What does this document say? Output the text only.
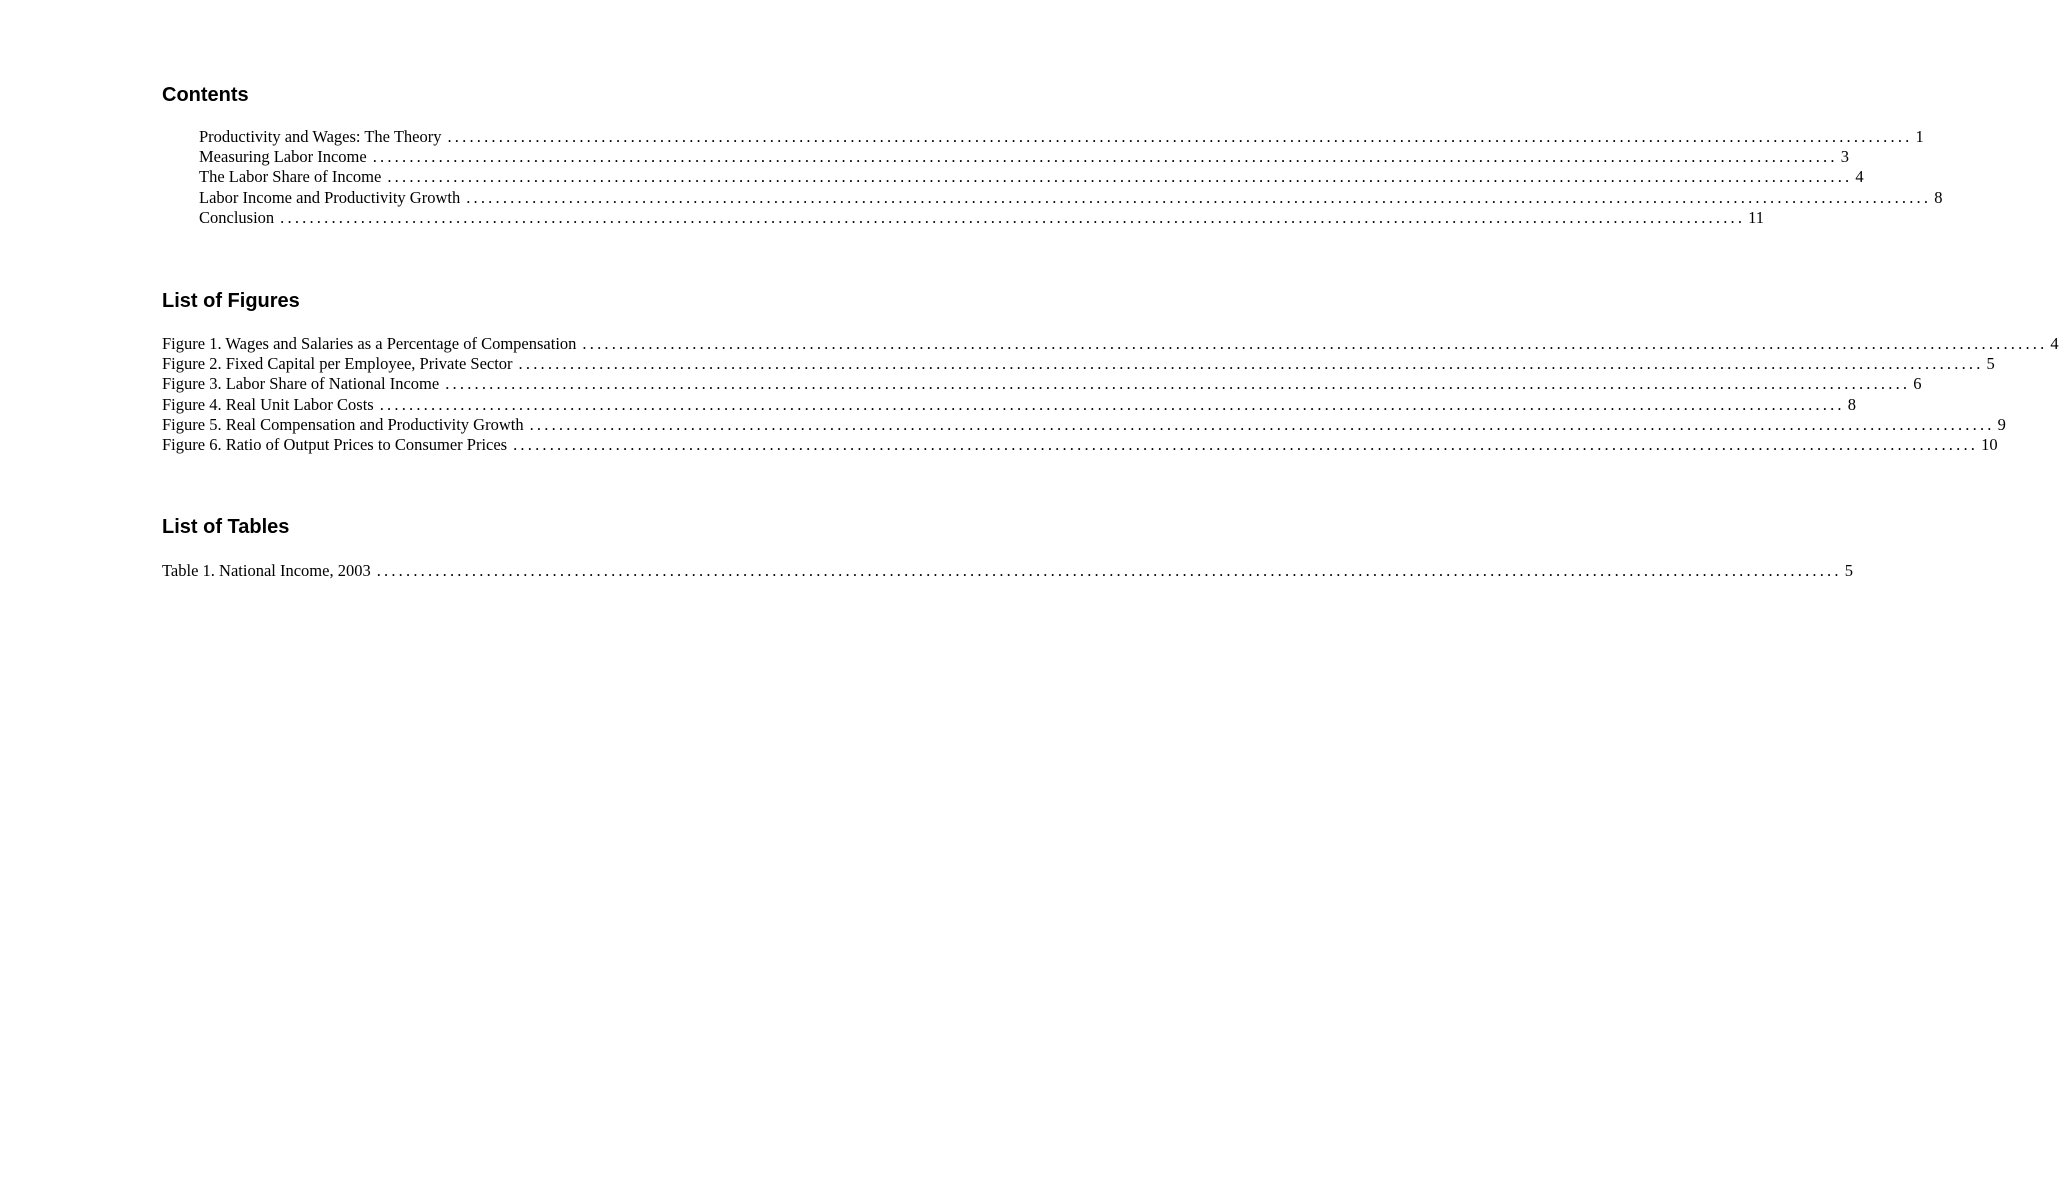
Contents
Productivity and Wages: The Theory ........................................................................................................................................................................................................ 1
Measuring Labor Income ........................................................................................................................................................................................................ 3
The Labor Share of Income ........................................................................................................................................................................................................ 4
Labor Income and Productivity Growth ........................................................................................................................................................................................................ 8
Conclusion ........................................................................................................................................................................................................ 11
List of Figures
Figure 1. Wages and Salaries as a Percentage of Compensation ........................................................................................................................................................................................................ 4
Figure 2. Fixed Capital per Employee, Private Sector ........................................................................................................................................................................................................ 5
Figure 3. Labor Share of National Income ........................................................................................................................................................................................................ 6
Figure 4. Real Unit Labor Costs ........................................................................................................................................................................................................ 8
Figure 5. Real Compensation and Productivity Growth ........................................................................................................................................................................................................ 9
Figure 6. Ratio of Output Prices to Consumer Prices ........................................................................................................................................................................................................ 10
List of Tables
Table 1. National Income, 2003 ........................................................................................................................................................................................................ 5
